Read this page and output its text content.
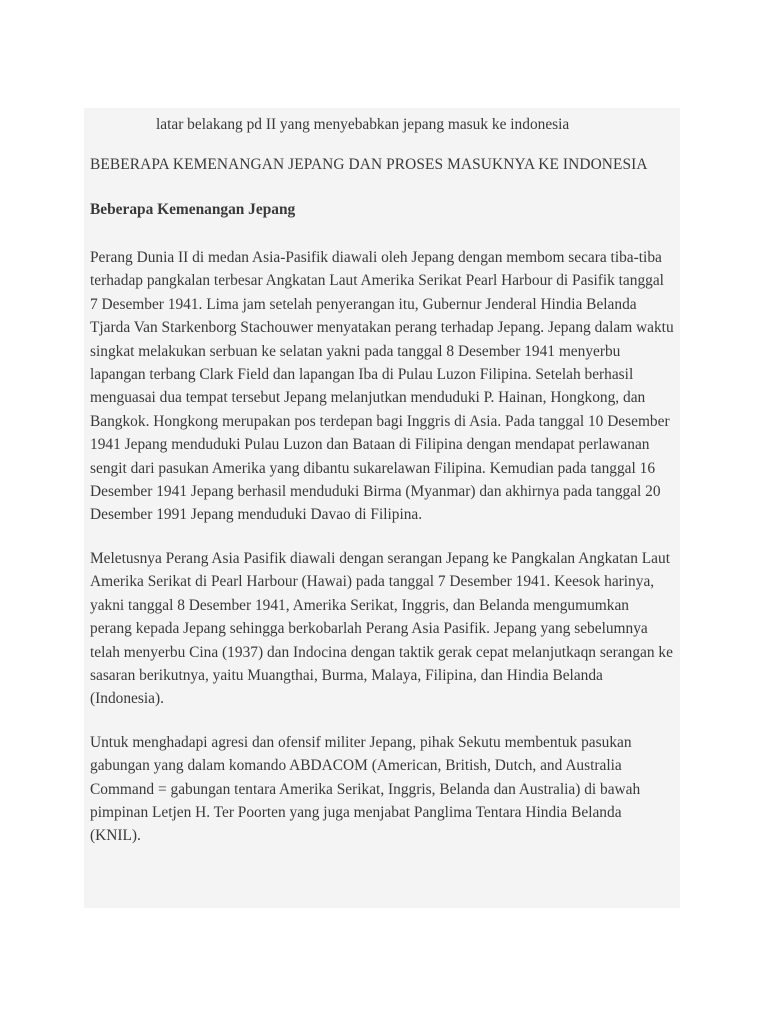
latar belakang pd II yang menyebabkan jepang masuk ke indonesia

BEBERAPA KEMENANGAN JEPANG DAN PROSES MASUKNYA KE INDONESIA

Beberapa Kemenangan Jepang

Perang Dunia II di medan Asia-Pasifik diawali oleh Jepang dengan membom secara tiba-tiba terhadap pangkalan terbesar Angkatan Laut Amerika Serikat Pearl Harbour di Pasifik tanggal 7 Desember 1941. Lima jam setelah penyerangan itu, Gubernur Jenderal Hindia Belanda Tjarda Van Starkenborg Stachouwer menyatakan perang terhadap Jepang. Jepang dalam waktu singkat melakukan serbuan ke selatan yakni pada tanggal 8 Desember 1941 menyerbu lapangan terbang Clark Field dan lapangan Iba di Pulau Luzon Filipina. Setelah berhasil menguasai dua tempat tersebut Jepang melanjutkan menduduki P. Hainan, Hongkong, dan Bangkok. Hongkong merupakan pos terdepan bagi Inggris di Asia. Pada tanggal 10 Desember 1941 Jepang menduduki Pulau Luzon dan Bataan di Filipina dengan mendapat perlawanan sengit dari pasukan Amerika yang dibantu sukarelawan Filipina. Kemudian pada tanggal 16 Desember 1941 Jepang berhasil menduduki Birma (Myanmar) dan akhirnya pada tanggal 20 Desember 1991 Jepang menduduki Davao di Filipina.

Meletusnya Perang Asia Pasifik diawali dengan serangan Jepang ke Pangkalan Angkatan Laut Amerika Serikat di Pearl Harbour (Hawai) pada tanggal 7 Desember 1941. Keesok harinya, yakni tanggal 8 Desember 1941, Amerika Serikat, Inggris, dan Belanda mengumumkan perang kepada Jepang sehingga berkobarlah Perang Asia Pasifik. Jepang yang sebelumnya telah menyerbu Cina (1937) dan Indocina dengan taktik gerak cepat melanjutkaqn serangan ke sasaran berikutnya, yaitu Muangthai, Burma, Malaya, Filipina, dan Hindia Belanda (Indonesia).

Untuk menghadapi agresi dan ofensif militer Jepang, pihak Sekutu membentuk pasukan gabungan yang dalam komando ABDACOM (American, British, Dutch, and Australia Command = gabungan tentara Amerika Serikat, Inggris, Belanda dan Australia) di bawah pimpinan Letjen H. Ter Poorten yang juga menjabat Panglima Tentara Hindia Belanda (KNIL).
